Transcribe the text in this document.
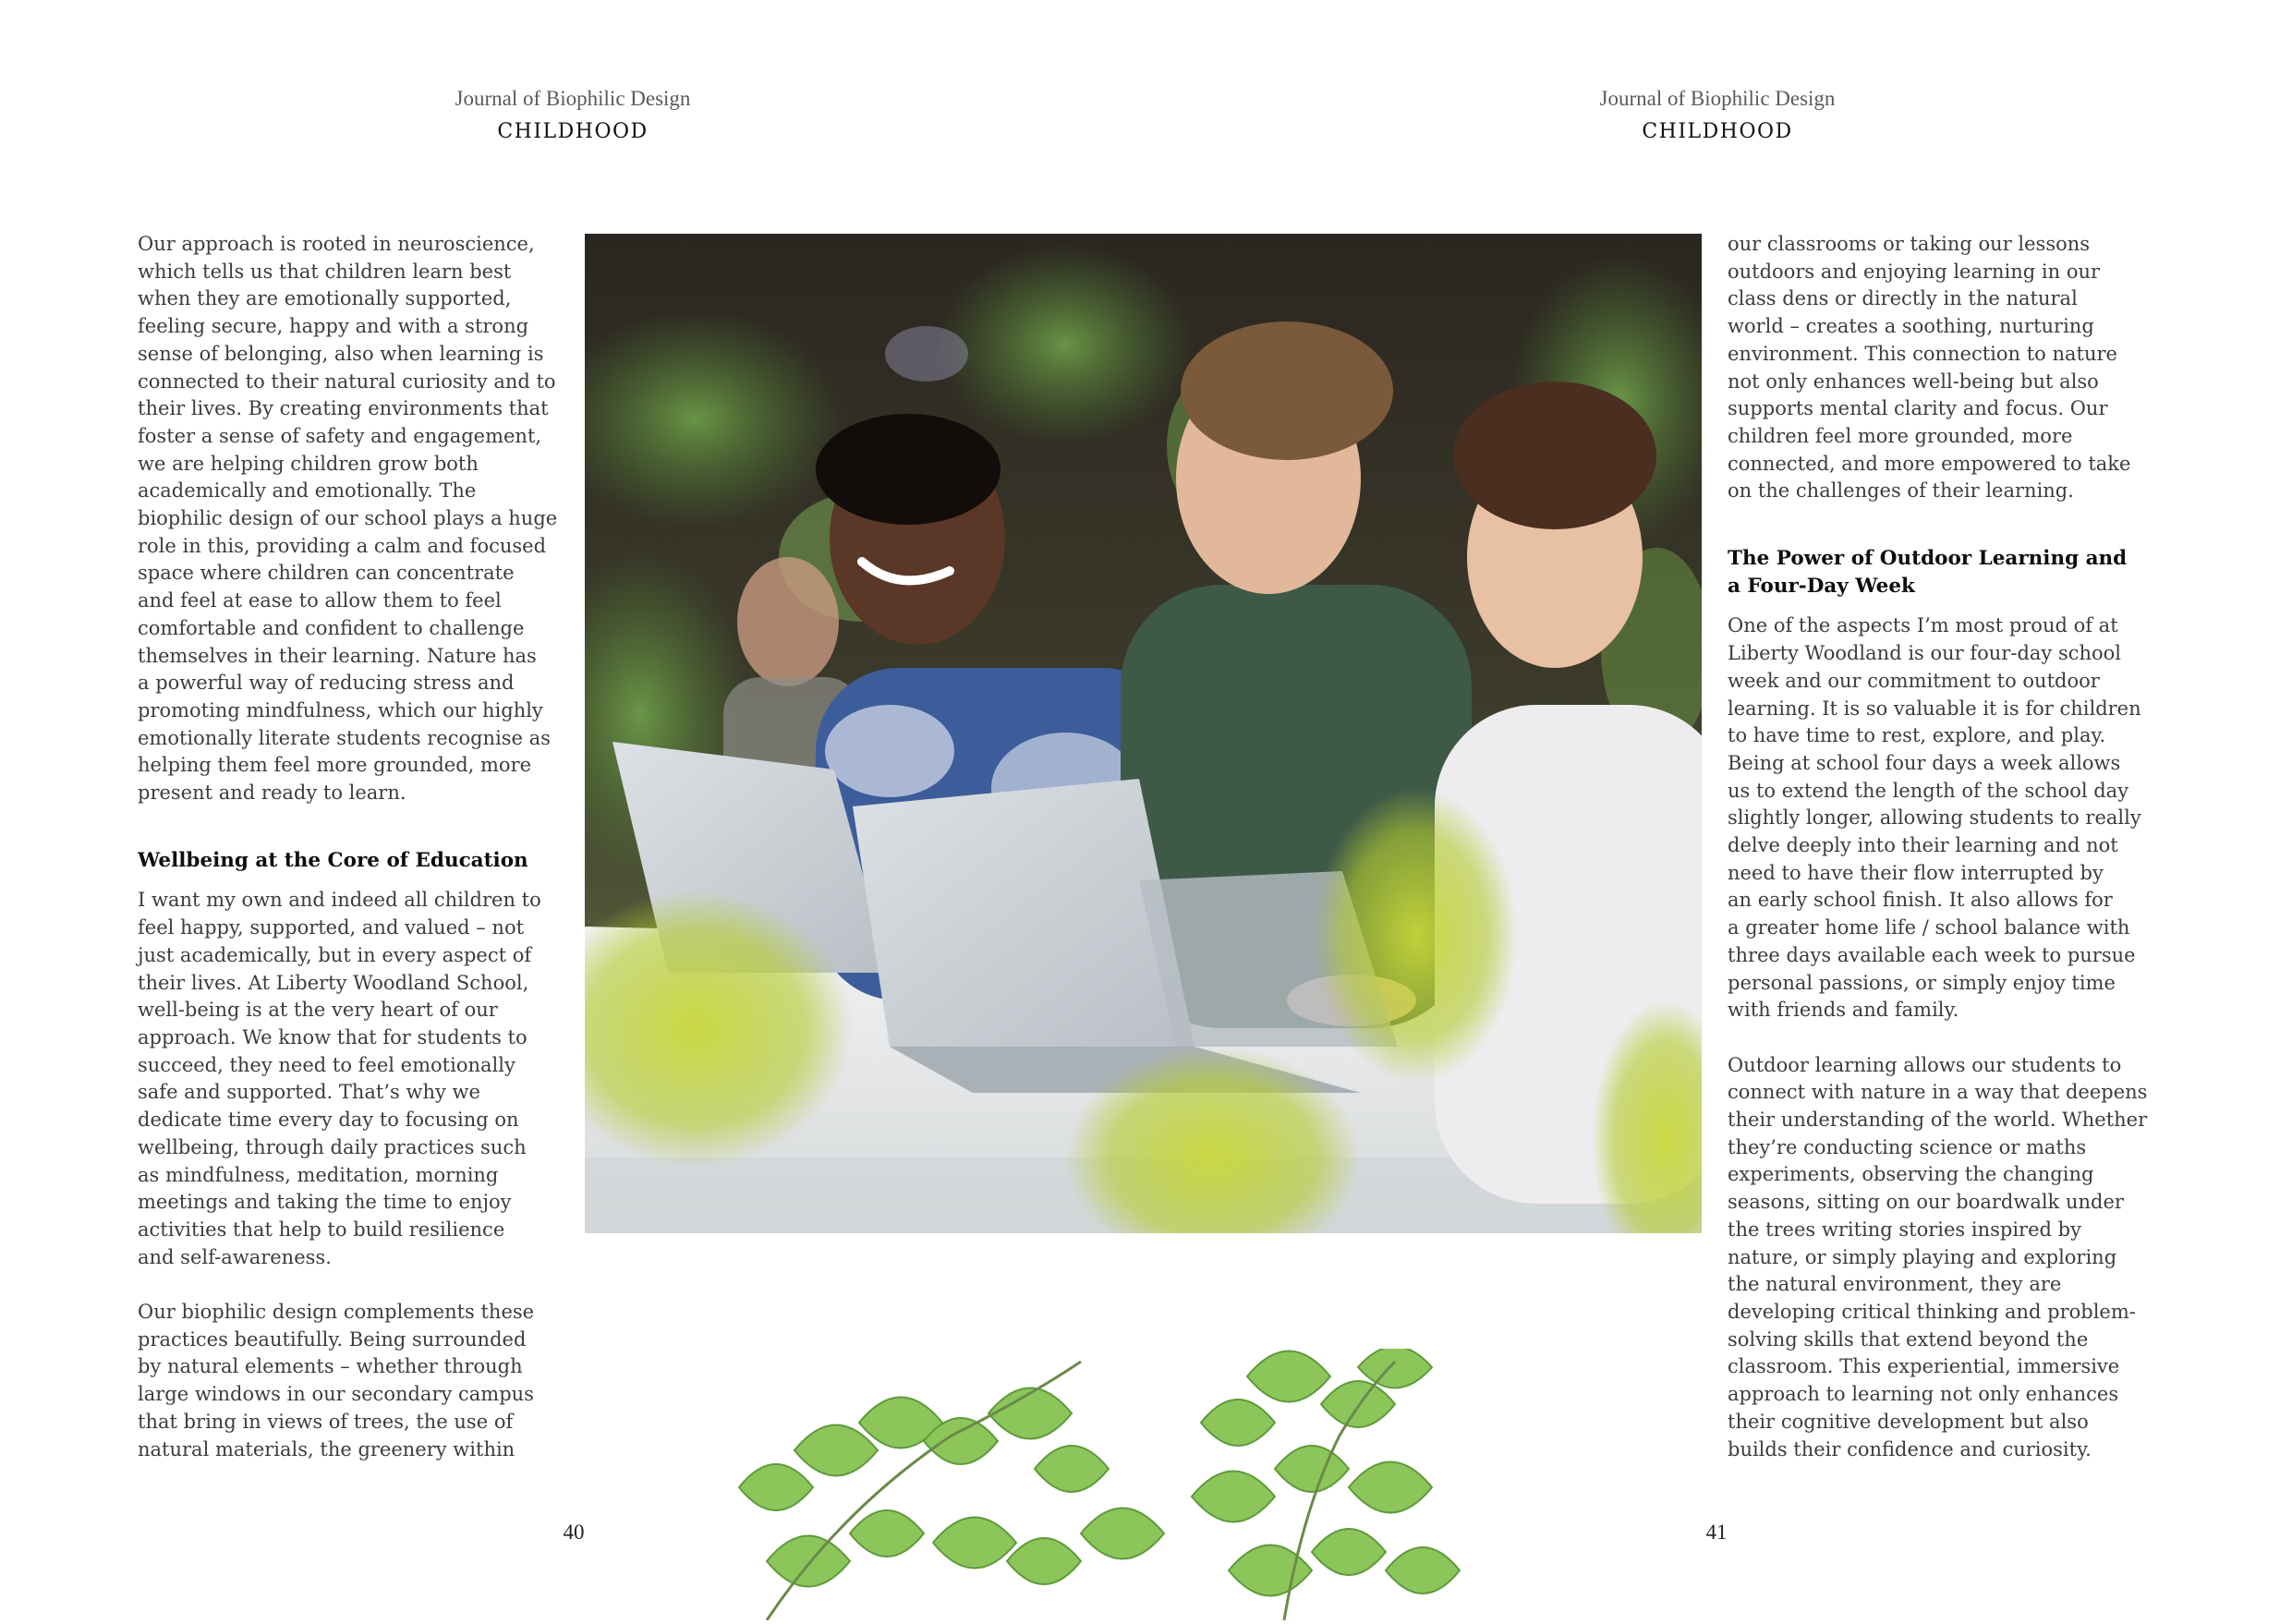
Journal of Biophilic Design
CHILDHOOD
Journal of Biophilic Design
CHILDHOOD

Our approach is rooted in neuroscience,
which tells us that children learn best
when they are emotionally supported,
feeling secure, happy and with a strong
sense of belonging, also when learning is
connected to their natural curiosity and to
their lives. By creating environments that
foster a sense of safety and engagement,
we are helping children grow both
academically and emotionally. The
biophilic design of our school plays a huge
role in this, providing a calm and focused
space where children can concentrate
and feel at ease to allow them to feel
comfortable and confident to challenge
themselves in their learning. Nature has
a powerful way of reducing stress and
promoting mindfulness, which our highly
emotionally literate students recognise as
helping them feel more grounded, more
present and ready to learn.

Wellbeing at the Core of Education

I want my own and indeed all children to
feel happy, supported, and valued – not
just academically, but in every aspect of
their lives. At Liberty Woodland School,
well-being is at the very heart of our
approach. We know that for students to
succeed, they need to feel emotionally
safe and supported. That’s why we
dedicate time every day to focusing on
wellbeing, through daily practices such
as mindfulness, meditation, morning
meetings and taking the time to enjoy
activities that help to build resilience
and self-awareness.

Our biophilic design complements these
practices beautifully. Being surrounded
by natural elements – whether through
large windows in our secondary campus
that bring in views of trees, the use of
natural materials, the greenery within

our classrooms or taking our lessons
outdoors and enjoying learning in our
class dens or directly in the natural
world – creates a soothing, nurturing
environment. This connection to nature
not only enhances well-being but also
supports mental clarity and focus. Our
children feel more grounded, more
connected, and more empowered to take
on the challenges of their learning.

The Power of Outdoor Learning and
a Four-Day Week

One of the aspects I’m most proud of at
Liberty Woodland is our four-day school
week and our commitment to outdoor
learning. It is so valuable it is for children
to have time to rest, explore, and play.
Being at school four days a week allows
us to extend the length of the school day
slightly longer, allowing students to really
delve deeply into their learning and not
need to have their flow interrupted by
an early school finish. It also allows for
a greater home life / school balance with
three days available each week to pursue
personal passions, or simply enjoy time
with friends and family.

Outdoor learning allows our students to
connect with nature in a way that deepens
their understanding of the world. Whether
they’re conducting science or maths
experiments, observing the changing
seasons, sitting on our boardwalk under
the trees writing stories inspired by
nature, or simply playing and exploring
the natural environment, they are
developing critical thinking and problem-
solving skills that extend beyond the
classroom. This experiential, immersive
approach to learning not only enhances
their cognitive development but also
builds their confidence and curiosity.

40	41
